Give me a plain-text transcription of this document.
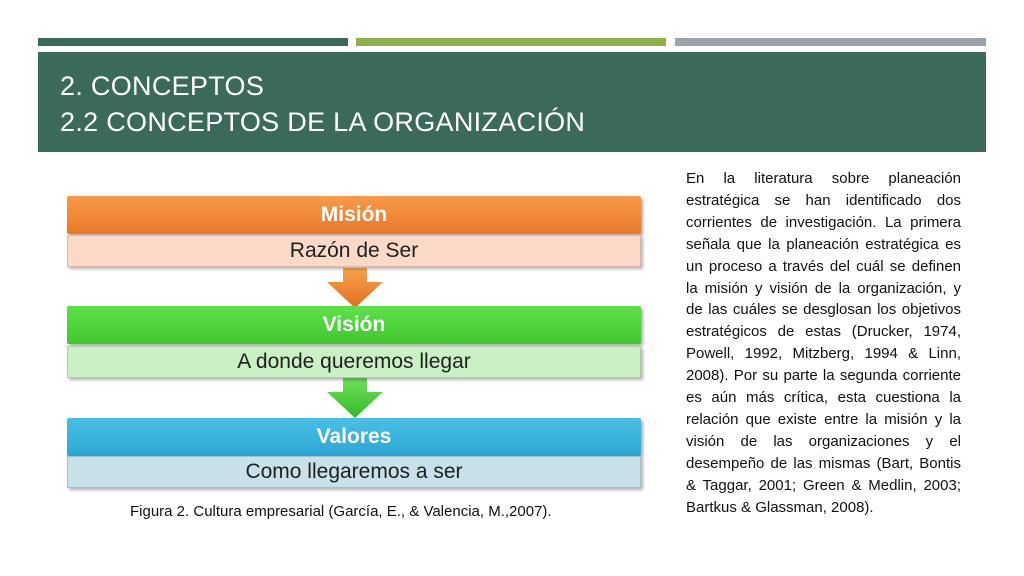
2. CONCEPTOS
2.2 CONCEPTOS DE LA ORGANIZACIÓN
Misión
Razón de Ser
Visión
A donde queremos llegar
Valores
Como llegaremos a ser
Figura 2. Cultura empresarial (García, E., & Valencia, M.,2007).
En la literatura sobre planeación estratégica se han identificado dos corrientes de investigación. La primera señala que la planeación estratégica es un proceso a través del cuál se definen la misión y visión de la organización, y de las cuáles se desglosan los objetivos estratégicos de estas (Drucker, 1974, Powell, 1992, Mitzberg, 1994 & Linn, 2008). Por su parte la segunda corriente es aún más crítica, esta cuestiona la relación que existe entre la misión y la visión de las organizaciones y el desempeño de las mismas (Bart, Bontis & Taggar, 2001; Green & Medlin, 2003; Bartkus & Glassman, 2008).
